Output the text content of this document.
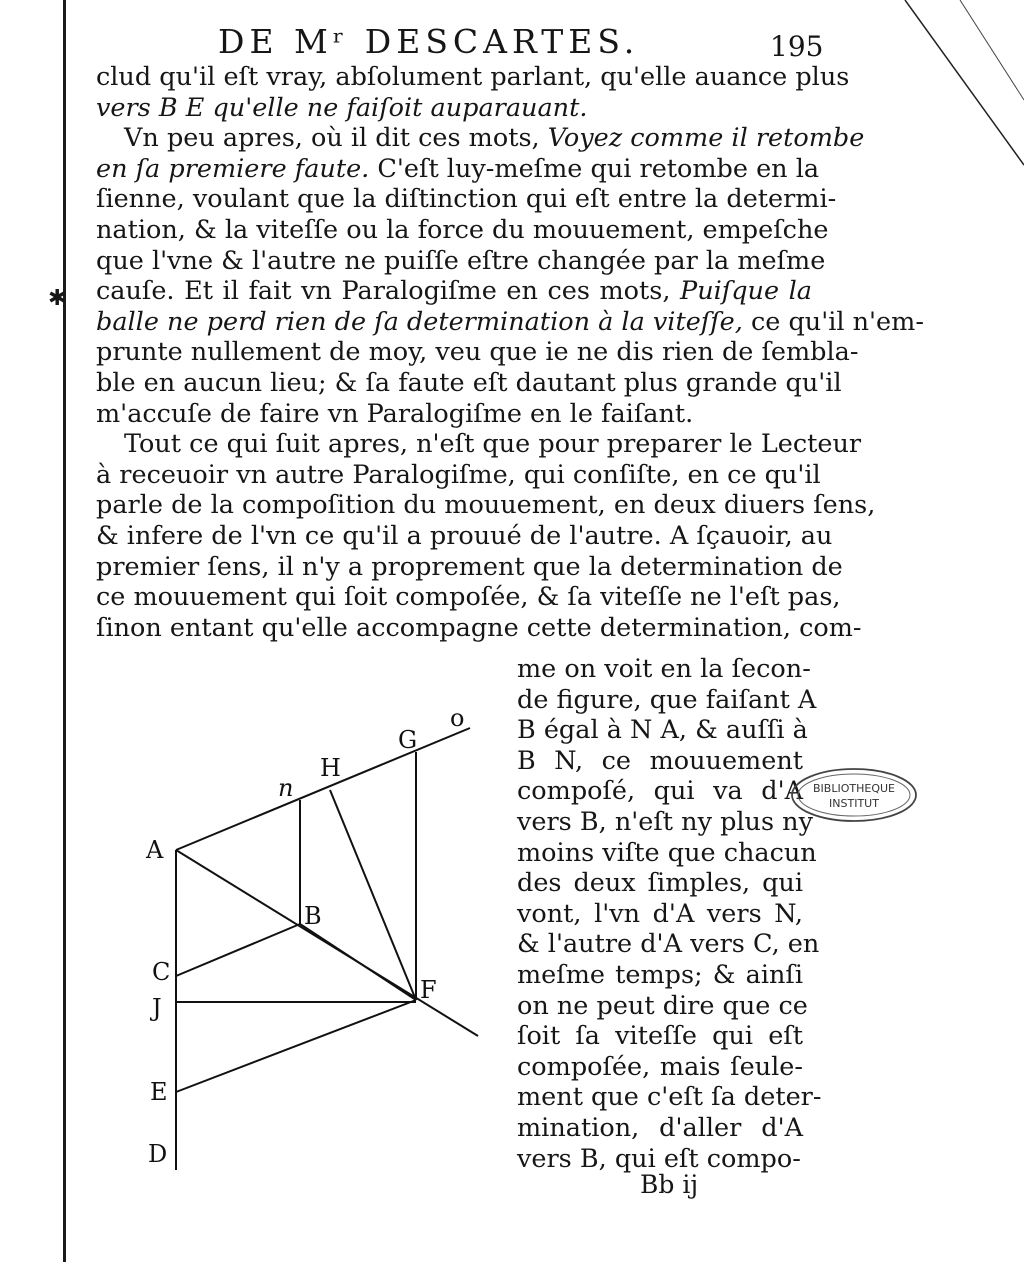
DE Mʳ DESCARTES.	195
✱
clud qu'il eſt vray, abſolument parlant, qu'elle auance plus
vers B E qu'elle ne faiſoit auparauant.
Vn peu apres, où il dit ces mots, Voyez comme il retombe
en ſa premiere faute. C'eſt luy-meſme qui retombe en la
ſienne, voulant que la diſtinction qui eſt entre la determi-
nation, & la viteſſe ou la force du mouuement, empeſche
que l'vne & l'autre ne puiſſe eſtre changée par la meſme
cauſe. Et il fait vn Paralogiſme en ces mots, Puiſque la
balle ne perd rien de ſa determination à la viteſſe, ce qu'il n'em-
prunte nullement de moy, veu que ie ne dis rien de ſembla-
ble en aucun lieu; & ſa faute eſt dautant plus grande qu'il
m'accuſe de faire vn Paralogiſme en le faiſant.
Tout ce qui ſuit apres, n'eſt que pour preparer le Lecteur
à receuoir vn autre Paralogiſme, qui conſiſte, en ce qu'il
parle de la compoſition du mouuement, en deux diuers ſens,
& infere de l'vn ce qu'il a prouué de l'autre. A ſçauoir, au
premier ſens, il n'y a proprement que la determination de
ce mouuement qui ſoit compoſée, & ſa viteſſe ne l'eſt pas,
ſinon entant qu'elle accompagne cette determination, com-
me on voit en la ſecon-
de figure, que faiſant A
B égal à N A, & auſſi à
B N, ce mouuement
compoſé, qui va d'A
vers B, n'eſt ny plus ny
moins viſte que chacun
des deux ſimples, qui
vont, l'vn d'A vers N,
& l'autre d'A vers C, en
meſme temps; & ainſi
on ne peut dire que ce
ſoit ſa viteſſe qui eſt
compoſée, mais ſeule-
ment que c'eſt ſa deter-
mination, d'aller d'A
vers B, qui eſt compo-
o
G
H
n
A
B
C
J
F
E
D
BIBLIOTHEQUE
INSTITUT
Bb ij
